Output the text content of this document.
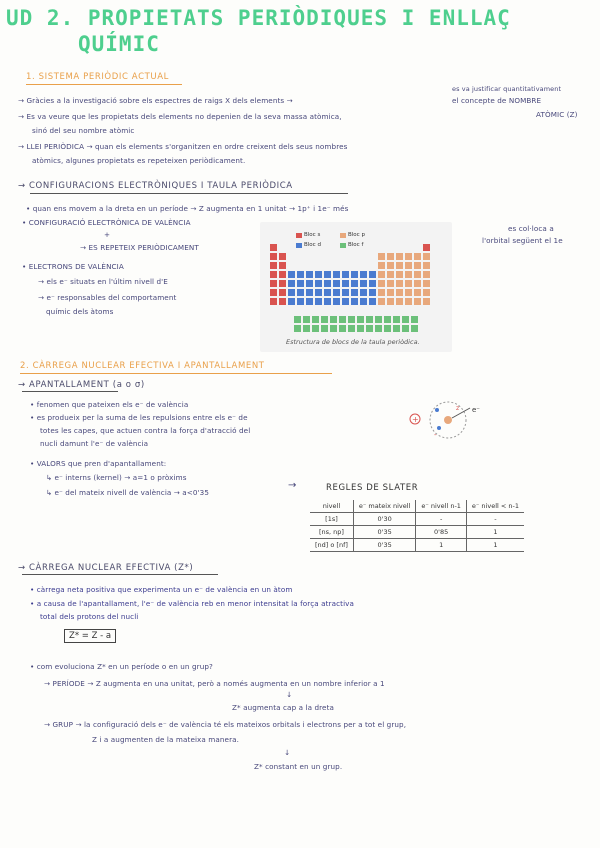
UD 2. PROPIETATS PERIÒDIQUES I ENLLAÇ
QUÍMIC
1. SISTEMA PERIÒDIC ACTUAL
→ Gràcies a la investigació sobre els espectres de raigs X dels elements →
es va justificar quantitativament
el concepte de NOMBRE
ATÒMIC (Z)
→ Es va veure que les propietats dels elements no depenien de la seva massa atòmica,
sinó del seu nombre atòmic
→ LLEI PERIÒDICA → quan els elements s'organitzen en ordre creixent dels seus nombres
atòmics, algunes propietats es repeteixen periòdicament.
→ CONFIGURACIONS ELECTRÒNIQUES I TAULA PERIÒDICA
• quan ens movem a la dreta en un període → Z augmenta en 1 unitat → 1p⁺ i 1e⁻ més
es col·loca a
l'orbital següent el 1e
• CONFIGURACIÓ ELECTRÒNICA DE VALÈNCIA
+
→ ES REPETEIX PERIÒDICAMENT
• ELECTRONS DE VALÈNCIA
→ els e⁻ situats en l'últim nivell d'E
→ e⁻ responsables del comportament
químic dels àtoms
Bloc s	Bloc p
Bloc d	Bloc f
Estructura de blocs de la taula periòdica.
2. CÀRREGA NUCLEAR EFECTIVA I APANTALLAMENT
→ APANTALLAMENT (a o σ)
• fenomen que pateixen els e⁻ de valència
• es produeix per la suma de les repulsions entre els e⁻ de
totes les capes, que actuen contra la força d'atracció del
nucli damunt l'e⁻ de valència
• VALORS que pren d'apantallament:
↳ e⁻ interns (kernel) → a=1 o pròxims
↳ e⁻ del mateix nivell de valència → a<0'35
→	REGLES DE SLATER
+
-
e⁻
z
nivell	e⁻ mateix nivell	e⁻ nivell n-1	e⁻ nivell < n-1
[1s]	0'30	-	-
[ns, np]	0'35	0'85	1
[nd] o [nf]	0'35	1	1
→ CÀRREGA NUCLEAR EFECTIVA (Z*)
• càrrega neta positiva que experimenta un e⁻ de valència en un àtom
• a causa de l'apantallament, l'e⁻ de valència reb en menor intensitat la força atractiva
total dels protons del nucli
Z* = Z - a
• com evoluciona Z* en un període o en un grup?
→ PERÍODE → Z augmenta en una unitat, però a només augmenta en un nombre inferior a 1
↓
Z* augmenta cap a la dreta
→ GRUP → la configuració dels e⁻ de valència té els mateixos orbitals i electrons per a tot el grup,
Z i a augmenten de la mateixa manera.
↓
Z* constant en un grup.
